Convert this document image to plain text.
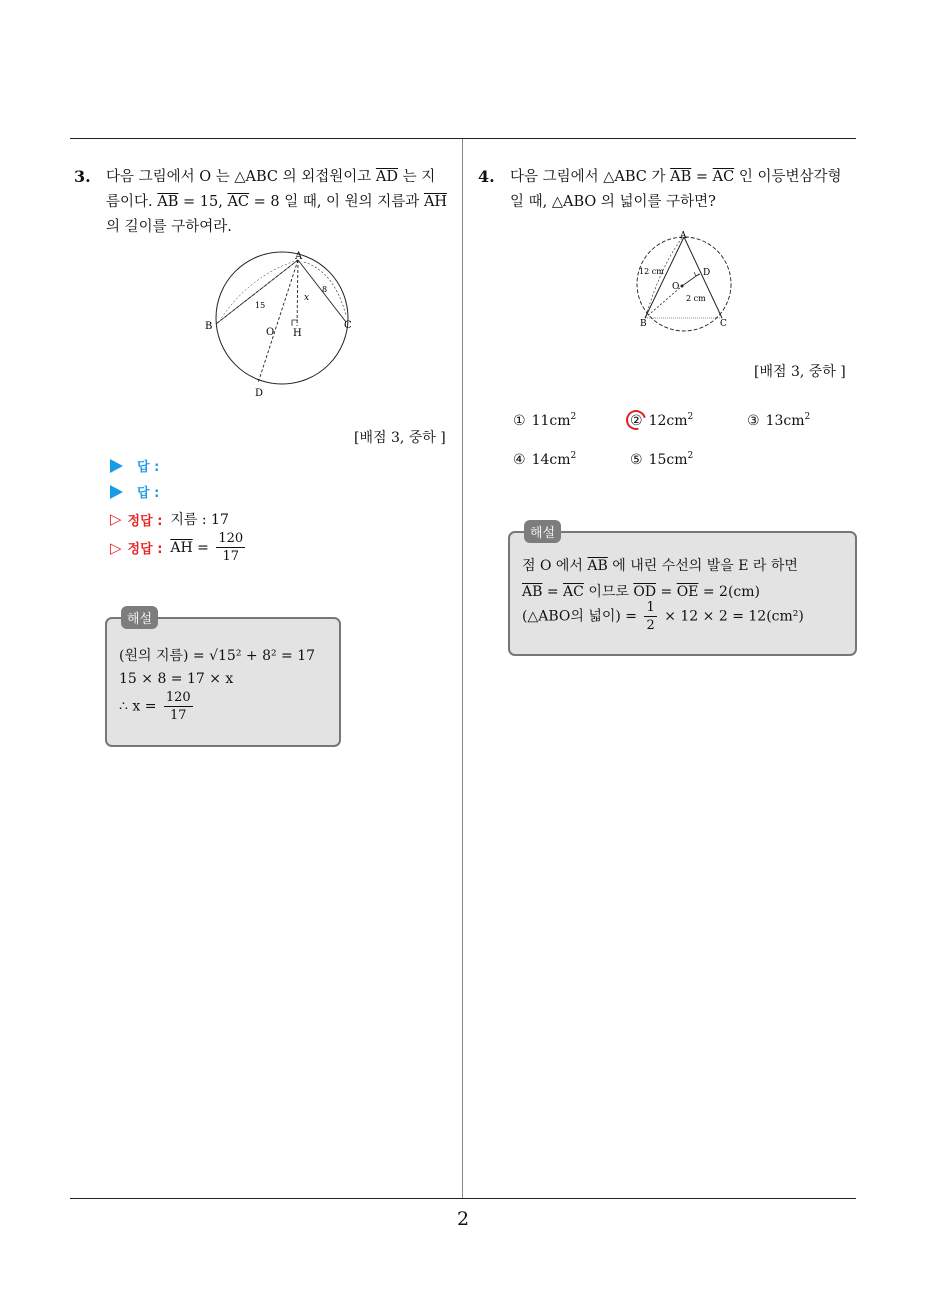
2
3. 다음 그림에서 O 는 △ABC 의 외접원이고 $\overline{AD}$ 는 지
름이다. $\overline{AB} = 15$, $\overline{AC} = 8$ 일 때, 이 원의 지름과 $\overline{AH}$
의 길이를 구하여라.
A
B	C
D
O H
15
8
x
[배점 3, 중하 ]
답 :
답 :
▷ 정답 : 지름 : 17
▷ 정답 : $\overline{AH} = \frac{120}{17}$
해설
(원의 지름) = √15² + 8² = 17
15 × 8 = 17 × x
∴ $x = \frac{120}{17}$
4. 다음 그림에서 △ABC 가 $\overline{AB} = \overline{AC}$ 인 이등변삼각형
일 때, △ABO 의 넓이를 구하면?
A
B	C
D
O
12 cm
2 cm
[배점 3, 중하 ]
① $11cm^2$	② $12cm^2$	③ $13cm^2$
④ $14cm^2$	⑤ $15cm^2$
해설
점 O 에서 $\overline{AB}$ 에 내린 수선의 발을 E 라 하면
$\overline{AB} = \overline{AC}$ 이므로 $\overline{OD} = \overline{OE} = 2(cm)$
(△ABO의 넓이) = $\frac{1}{2} \times 12 \times 2 = 12(cm^2)$
